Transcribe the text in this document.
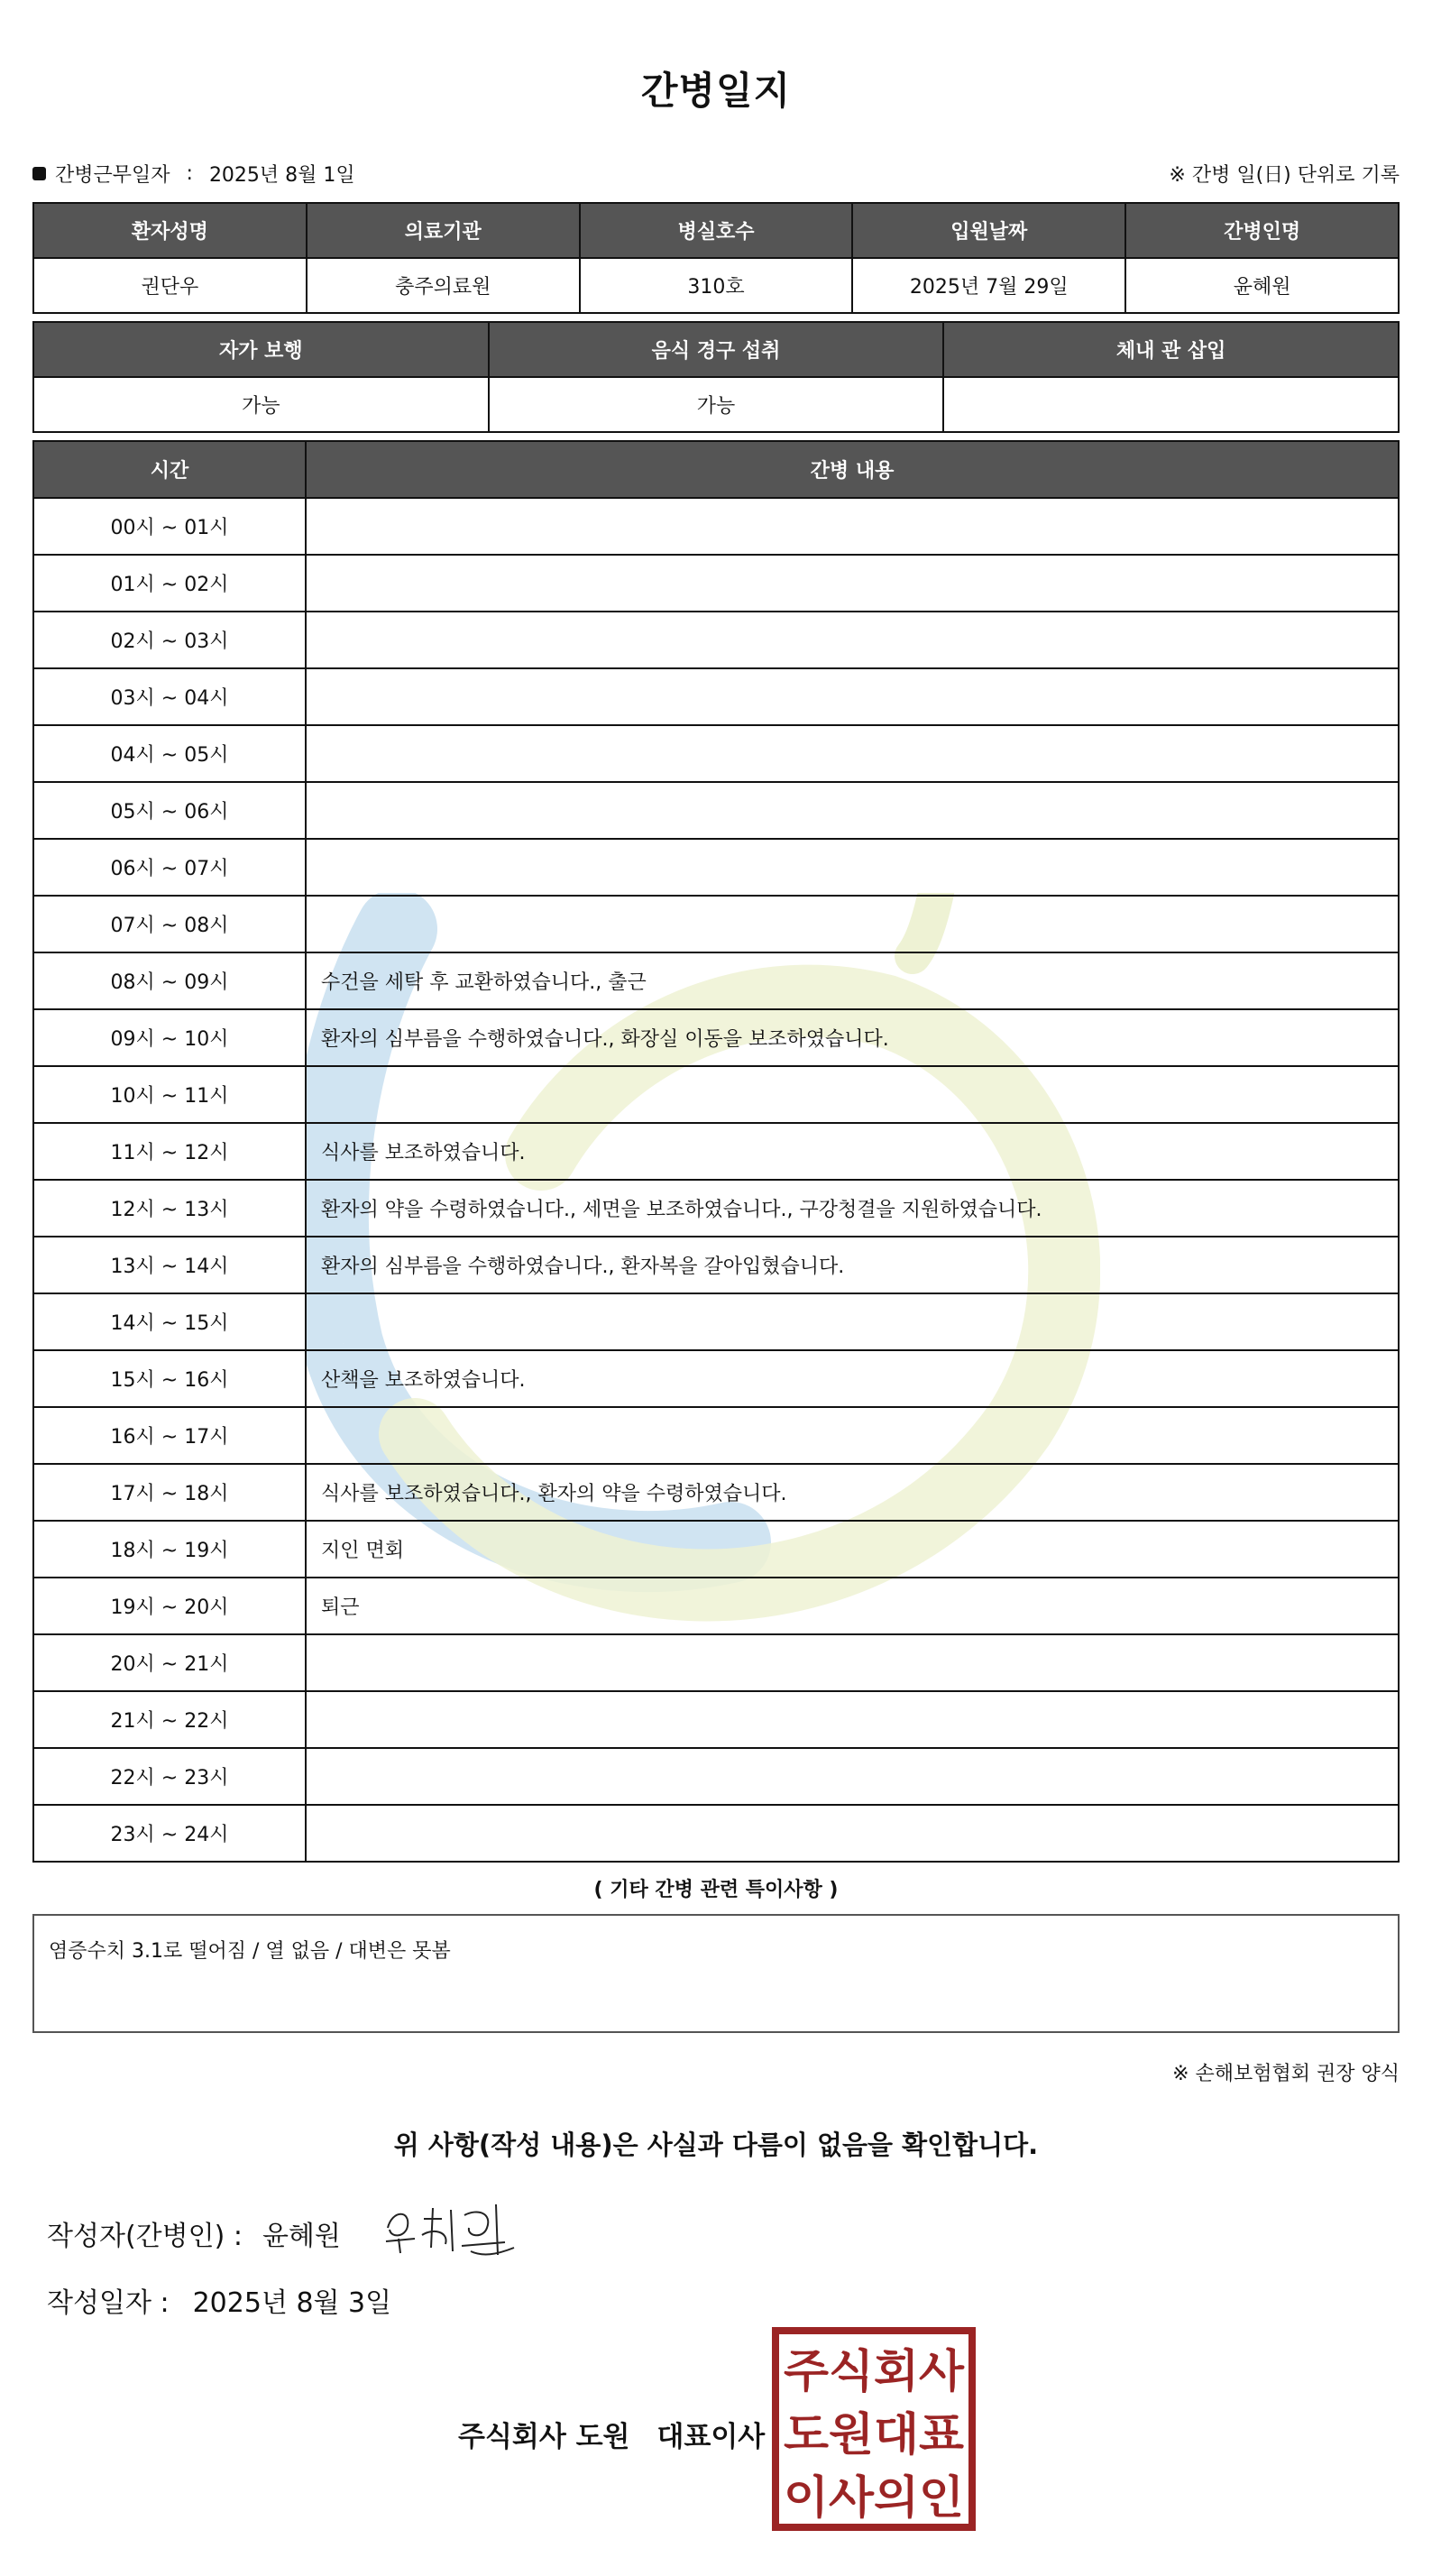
간병일지
간병근무일자 : 2025년 8월 1일	※ 간병 일(日) 단위로 기록
환자성명	의료기관	병실호수	입원날짜	간병인명
권단우	충주의료원	310호	2025년 7월 29일	윤혜원
자가 보행	음식 경구 섭취	체내 관 삽입
가능	가능	
시간	간병 내용
00시 ~ 01시	
01시 ~ 02시	
02시 ~ 03시	
03시 ~ 04시	
04시 ~ 05시	
05시 ~ 06시	
06시 ~ 07시	
07시 ~ 08시	
08시 ~ 09시	수건을 세탁 후 교환하였습니다., 출근
09시 ~ 10시	환자의 심부름을 수행하였습니다., 화장실 이동을 보조하였습니다.
10시 ~ 11시	
11시 ~ 12시	식사를 보조하였습니다.
12시 ~ 13시	환자의 약을 수령하였습니다., 세면을 보조하였습니다., 구강청결을 지원하였습니다.
13시 ~ 14시	환자의 심부름을 수행하였습니다., 환자복을 갈아입혔습니다.
14시 ~ 15시	
15시 ~ 16시	산책을 보조하였습니다.
16시 ~ 17시	
17시 ~ 18시	식사를 보조하였습니다., 환자의 약을 수령하였습니다.
18시 ~ 19시	지인 면회
19시 ~ 20시	퇴근
20시 ~ 21시	
21시 ~ 22시	
22시 ~ 23시	
23시 ~ 24시	
( 기타 간병 관련 특이사항 )
염증수치 3.1로 떨어짐 / 열 없음 / 대변은 못봄
※ 손해보험협회 권장 양식
위 사항(작성 내용)은 사실과 다름이 없음을 확인합니다.
작성자(간병인) : 윤혜원
작성일자 : 2025년 8월 3일
주식회사 도원 대표이사
주식회사
도원대표
이사의인
